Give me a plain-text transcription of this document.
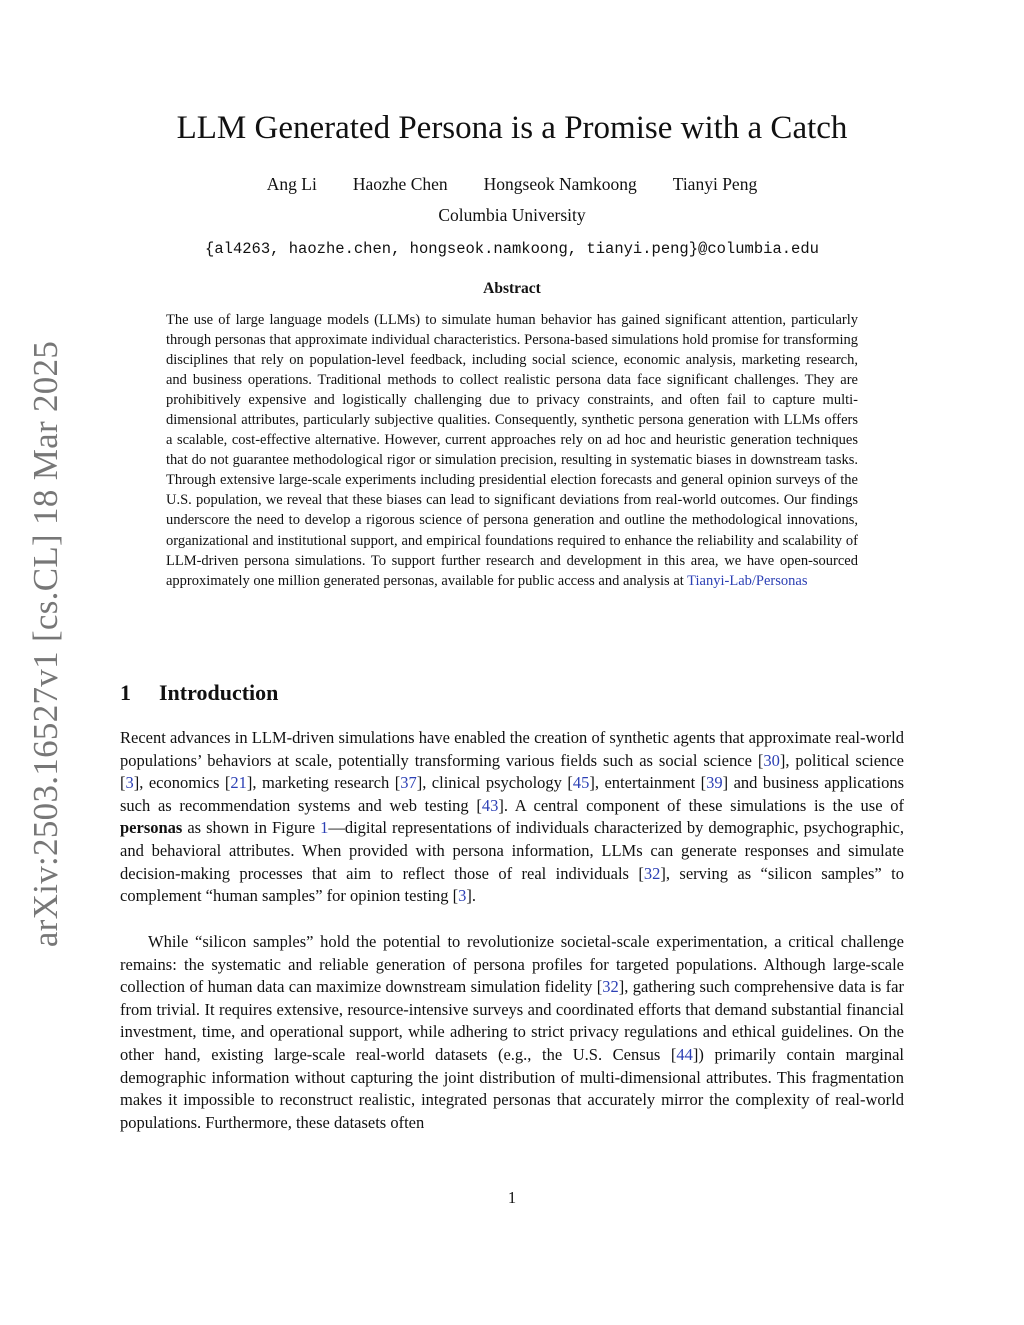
arXiv:2503.16527v1 [cs.CL] 18 Mar 2025
LLM Generated Persona is a Promise with a Catch
Ang Li Haozhe Chen Hongseok Namkoong Tianyi Peng
Columbia University
{al4263, haozhe.chen, hongseok.namkoong, tianyi.peng}@columbia.edu
Abstract

The use of large language models (LLMs) to simulate human behavior has gained significant attention, particularly through personas that approximate individual characteristics. Persona-based simulations hold promise for transforming disciplines that rely on population-level feedback, including social science, economic analysis, marketing research, and business operations. Traditional methods to collect realistic persona data face significant challenges. They are prohibitively expensive and logistically challenging due to privacy constraints, and often fail to capture multi-dimensional attributes, particularly subjective qualities. Consequently, synthetic persona generation with LLMs offers a scalable, cost-effective alternative. However, current approaches rely on ad hoc and heuristic generation techniques that do not guarantee methodological rigor or simulation precision, resulting in systematic biases in downstream tasks. Through extensive large-scale experiments including presidential election forecasts and general opinion surveys of the U.S. population, we reveal that these biases can lead to significant deviations from real-world outcomes. Our findings underscore the need to develop a rigorous science of persona generation and outline the methodological innovations, organizational and institutional support, and empirical foundations required to enhance the reliability and scalability of LLM-driven persona simulations. To support further research and development in this area, we have open-sourced approximately one million generated personas, available for public access and analysis at Tianyi-Lab/Personas

1 Introduction

Recent advances in LLM-driven simulations have enabled the creation of synthetic agents that approximate real-world populations’ behaviors at scale, potentially transforming various fields such as social science [30], political science [3], economics [21], marketing research [37], clinical psychology [45], entertainment [39] and business applications such as recommendation systems and web testing [43]. A central component of these simulations is the use of personas as shown in Figure 1—digital representations of individuals characterized by demographic, psychographic, and behavioral attributes. When provided with persona information, LLMs can generate responses and simulate decision-making processes that aim to reflect those of real individuals [32], serving as “silicon samples” to complement “human samples” for opinion testing [3].

While “silicon samples” hold the potential to revolutionize societal-scale experimentation, a critical challenge remains: the systematic and reliable generation of persona profiles for targeted populations. Although large-scale collection of human data can maximize downstream simulation fidelity [32], gathering such comprehensive data is far from trivial. It requires extensive, resource-intensive surveys and coordinated efforts that demand substantial financial investment, time, and operational support, while adhering to strict privacy regulations and ethical guidelines. On the other hand, existing large-scale real-world datasets (e.g., the U.S. Census [44]) primarily contain marginal demographic information without capturing the joint distribution of multi-dimensional attributes. This fragmentation makes it impossible to reconstruct realistic, integrated personas that accurately mirror the complexity of real-world populations. Furthermore, these datasets often

1
